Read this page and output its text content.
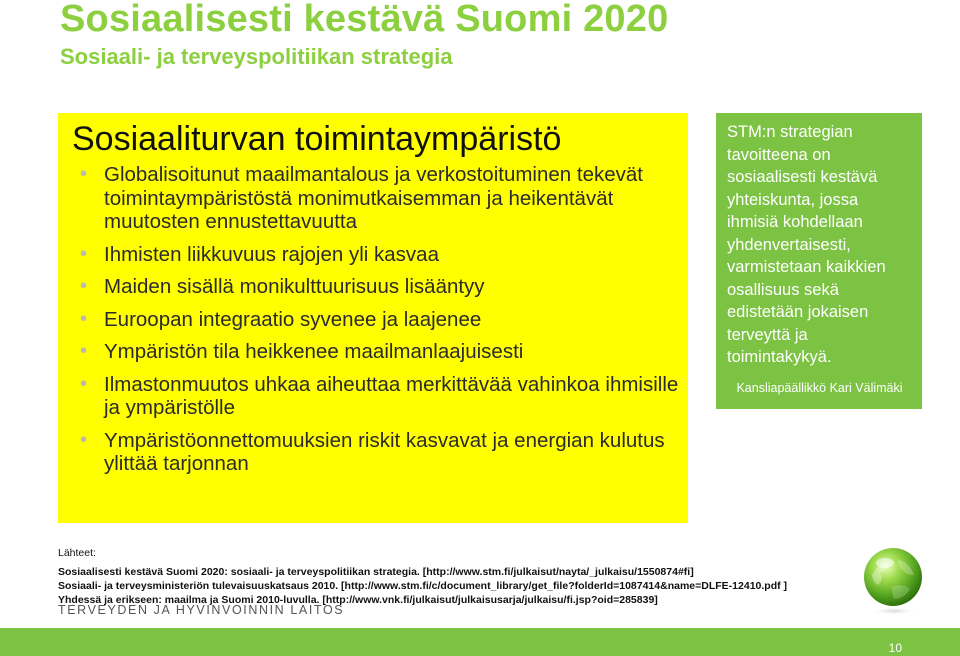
Sosiaalisesti kestävä Suomi 2020
Sosiaali- ja terveyspolitiikan strategia
Sosiaaliturvan toimintaympäristö
• Globalisoitunut maailmantalous ja verkostoituminen tekevät toimintaympäristöstä monimutkaisemman ja heikentävät muutosten ennustettavuutta
• Ihmisten liikkuvuus rajojen yli kasvaa
• Maiden sisällä monikulttuurisuus lisääntyy
• Euroopan integraatio syvenee ja laajenee
• Ympäristön tila heikkenee maailmanlaajuisesti
• Ilmastonmuutos uhkaa aiheuttaa merkittävää vahinkoa ihmisille ja ympäristölle
• Ympäristöonnettomuuksien riskit kasvavat ja energian kulutus ylittää tarjonnan

STM:n strategian tavoitteena on sosiaalisesti kestävä yhteiskunta, jossa ihmisiä kohdellaan yhdenvertaisesti, varmistetaan kaikkien osallisuus sekä edistetään jokaisen terveyttä ja toimintakykyä.

Kansliapäällikkö Kari Välimäki
Lähteet:
Sosiaalisesti kestävä Suomi 2020: sosiaali- ja terveyspolitiikan strategia. [http://www.stm.fi/julkaisut/nayta/_julkaisu/1550874#fi]
Sosiaali- ja terveysministeriön tulevaisuuskatsaus 2010. [http://www.stm.fi/c/document_library/get_file?folderId=1087414&name=DLFE-12410.pdf ]
Yhdessä ja erikseen: maailma ja Suomi 2010-luvulla. [http://www.vnk.fi/julkaisut/julkaisusarja/julkaisu/fi.jsp?oid=285839]
TERVEYDEN JA HYVINVOINNIN LAITOS
10
